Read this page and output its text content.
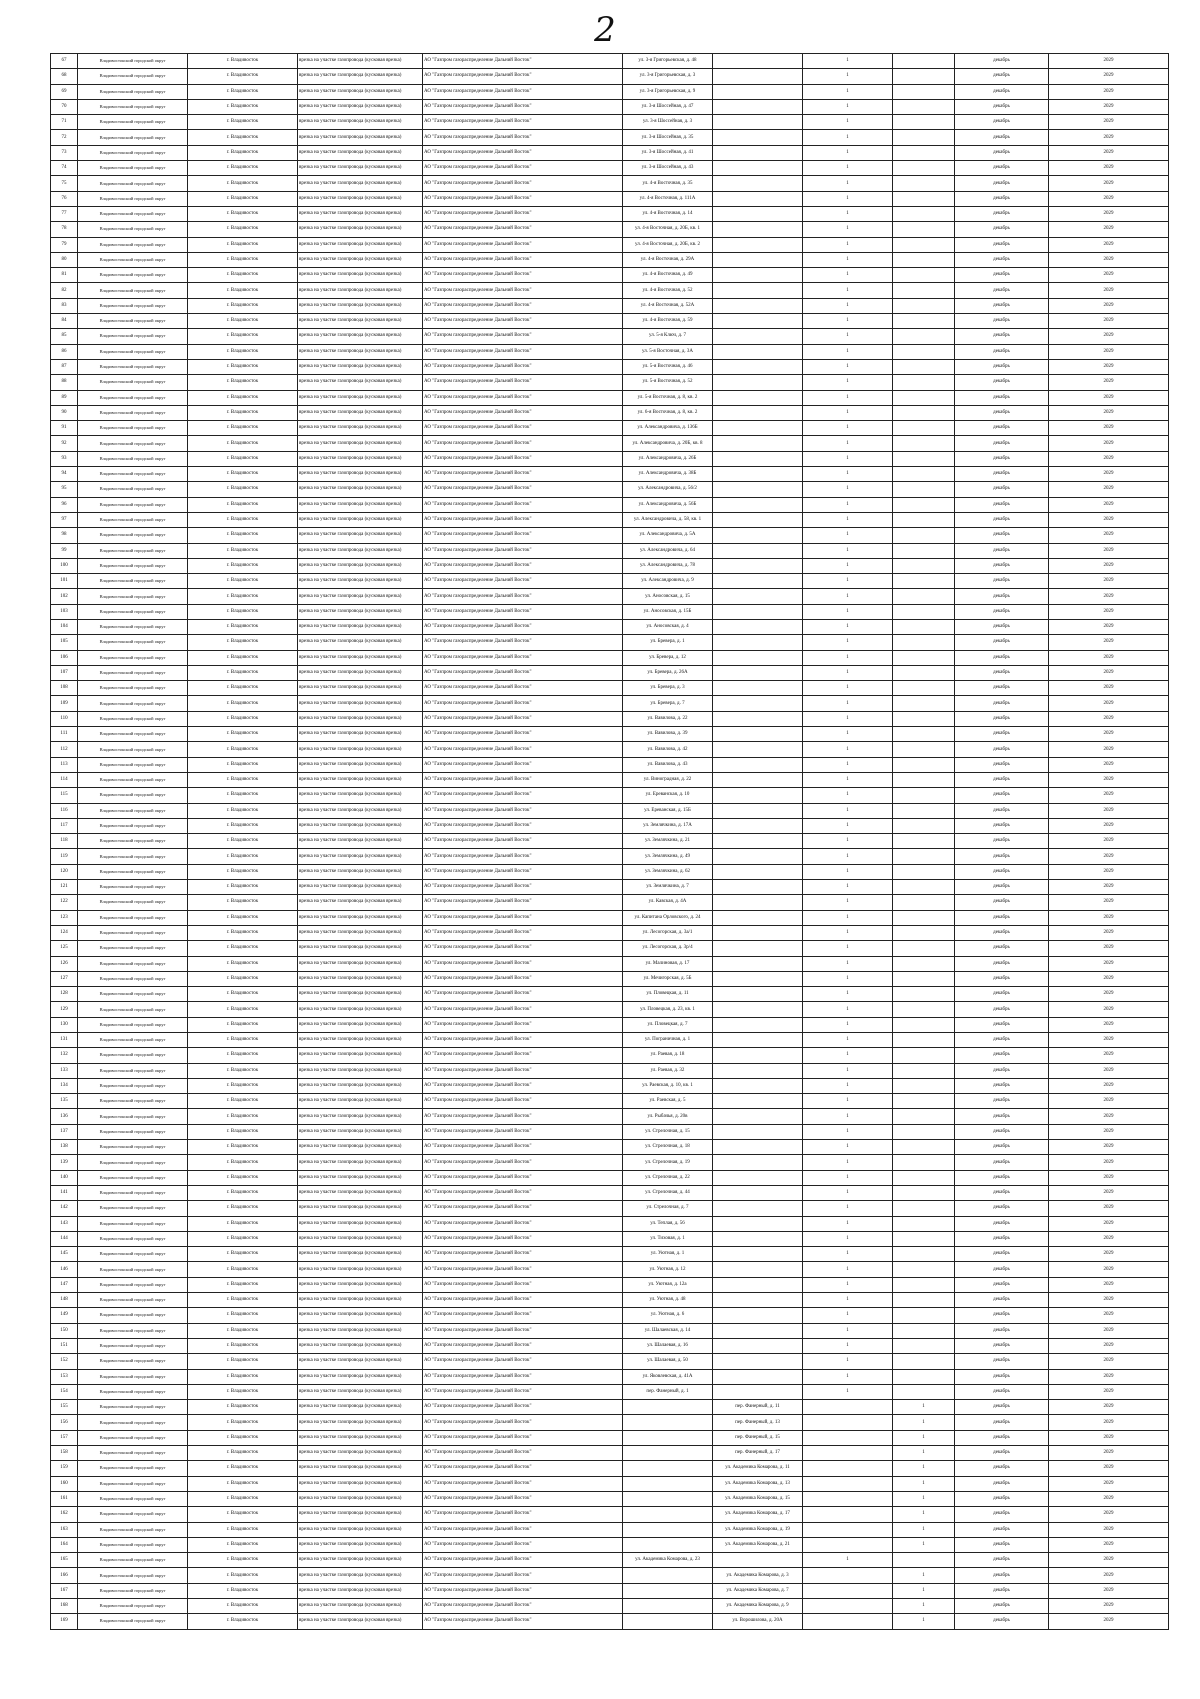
2
67	Владивостокский городской округ	г. Владивосток	врезка на участке газопровода (кусковая врезка)	АО "Газпром газораспределение Дальний Восток"	ул. 3-я Григорьевская, д. 48		1		декабрь	2029
68	Владивостокский городской округ	г. Владивосток	врезка на участке газопровода (кусковая врезка)	АО "Газпром газораспределение Дальний Восток"	ул. 3-я Григорьевская, д. 3		1		декабрь	2029
69	Владивостокский городской округ	г. Владивосток	врезка на участке газопровода (кусковая врезка)	АО "Газпром газораспределение Дальний Восток"	ул. 3-я Григорьевская, д. 9		1		декабрь	2029
70	Владивостокский городской округ	г. Владивосток	врезка на участке газопровода (кусковая врезка)	АО "Газпром газораспределение Дальний Восток"	ул. 3-я Шоссейная, д. 47		1		декабрь	2029
71	Владивостокский городской округ	г. Владивосток	врезка на участке газопровода (кусковая врезка)	АО "Газпром газораспределение Дальний Восток"	ул. 3-я Шоссейная, д. 3		1		декабрь	2029
72	Владивостокский городской округ	г. Владивосток	врезка на участке газопровода (кусковая врезка)	АО "Газпром газораспределение Дальний Восток"	ул. 3-я Шоссейная, д. 35		1		декабрь	2029
73	Владивостокский городской округ	г. Владивосток	врезка на участке газопровода (кусковая врезка)	АО "Газпром газораспределение Дальний Восток"	ул. 3-я Шоссейная, д. 41		1		декабрь	2029
74	Владивостокский городской округ	г. Владивосток	врезка на участке газопровода (кусковая врезка)	АО "Газпром газораспределение Дальний Восток"	ул. 3-я Шоссейная, д. 43		1		декабрь	2029
75	Владивостокский городской округ	г. Владивосток	врезка на участке газопровода (кусковая врезка)	АО "Газпром газораспределение Дальний Восток"	ул. 4-я Восточная, д. 35		1		декабрь	2029
76	Владивостокский городской округ	г. Владивосток	врезка на участке газопровода (кусковая врезка)	АО "Газпром газораспределение Дальний Восток"	ул. 4-я Восточная, д. 111А		1		декабрь	2029
77	Владивостокский городской округ	г. Владивосток	врезка на участке газопровода (кусковая врезка)	АО "Газпром газораспределение Дальний Восток"	ул. 4-я Восточная, д. 14		1		декабрь	2029
78	Владивостокский городской округ	г. Владивосток	врезка на участке газопровода (кусковая врезка)	АО "Газпром газораспределение Дальний Восток"	ул. 4-я Восточная, д. 20Б, кв. 1		1		декабрь	2029
79	Владивостокский городской округ	г. Владивосток	врезка на участке газопровода (кусковая врезка)	АО "Газпром газораспределение Дальний Восток"	ул. 4-я Восточная, д. 20Б, кв. 2		1		декабрь	2029
80	Владивостокский городской округ	г. Владивосток	врезка на участке газопровода (кусковая врезка)	АО "Газпром газораспределение Дальний Восток"	ул. 4-я Восточная, д. 29А		1		декабрь	2029
81	Владивостокский городской округ	г. Владивосток	врезка на участке газопровода (кусковая врезка)	АО "Газпром газораспределение Дальний Восток"	ул. 4-я Восточная, д. 49		1		декабрь	2029
82	Владивостокский городской округ	г. Владивосток	врезка на участке газопровода (кусковая врезка)	АО "Газпром газораспределение Дальний Восток"	ул. 4-я Восточная, д. 52		1		декабрь	2029
83	Владивостокский городской округ	г. Владивосток	врезка на участке газопровода (кусковая врезка)	АО "Газпром газораспределение Дальний Восток"	ул. 4-я Восточная, д. 52А		1		декабрь	2029
84	Владивостокский городской округ	г. Владивосток	врезка на участке газопровода (кусковая врезка)	АО "Газпром газораспределение Дальний Восток"	ул. 4-я Восточная, д. 59		1		декабрь	2029
85	Владивостокский городской округ	г. Владивосток	врезка на участке газопровода (кусковая врезка)	АО "Газпром газораспределение Дальний Восток"	ул. 5-я Ключ, д. 7		1		декабрь	2029
86	Владивостокский городской округ	г. Владивосток	врезка на участке газопровода (кусковая врезка)	АО "Газпром газораспределение Дальний Восток"	ул. 5-я Восточная, д. 3А		1		декабрь	2029
87	Владивостокский городской округ	г. Владивосток	врезка на участке газопровода (кусковая врезка)	АО "Газпром газораспределение Дальний Восток"	ул. 5-я Восточная, д. 46		1		декабрь	2029
88	Владивостокский городской округ	г. Владивосток	врезка на участке газопровода (кусковая врезка)	АО "Газпром газораспределение Дальний Восток"	ул. 5-я Восточная, д. 52		1		декабрь	2029
89	Владивостокский городской округ	г. Владивосток	врезка на участке газопровода (кусковая врезка)	АО "Газпром газораспределение Дальний Восток"	ул. 5-я Восточная, д. 8, кв. 2		1		декабрь	2029
90	Владивостокский городской округ	г. Владивосток	врезка на участке газопровода (кусковая врезка)	АО "Газпром газораспределение Дальний Восток"	ул. 6-я Восточная, д. 8, кв. 2		1		декабрь	2029
91	Владивостокский городской округ	г. Владивосток	врезка на участке газопровода (кусковая врезка)	АО "Газпром газораспределение Дальний Восток"	ул. Александровича, д. 136Б		1		декабрь	2029
92	Владивостокский городской округ	г. Владивосток	врезка на участке газопровода (кусковая врезка)	АО "Газпром газораспределение Дальний Восток"	ул. Александровича, д. 20Б, кв. 8		1		декабрь	2029
93	Владивостокский городской округ	г. Владивосток	врезка на участке газопровода (кусковая врезка)	АО "Газпром газораспределение Дальний Восток"	ул. Александровича, д. 26Б		1		декабрь	2029
94	Владивостокский городской округ	г. Владивосток	врезка на участке газопровода (кусковая врезка)	АО "Газпром газораспределение Дальний Восток"	ул. Александровича, д. 38Б		1		декабрь	2029
95	Владивостокский городской округ	г. Владивосток	врезка на участке газопровода (кусковая врезка)	АО "Газпром газораспределение Дальний Восток"	ул. Александровича, д. 56/2		1		декабрь	2029
96	Владивостокский городской округ	г. Владивосток	врезка на участке газопровода (кусковая врезка)	АО "Газпром газораспределение Дальний Восток"	ул. Александровича, д. 56Б		1		декабрь	2029
97	Владивостокский городской округ	г. Владивосток	врезка на участке газопровода (кусковая врезка)	АО "Газпром газораспределение Дальний Восток"	ул. Александровича, д. 58, кв. 1		1		декабрь	2029
98	Владивостокский городской округ	г. Владивосток	врезка на участке газопровода (кусковая врезка)	АО "Газпром газораспределение Дальний Восток"	ул. Александровича, д. 5А		1		декабрь	2029
99	Владивостокский городской округ	г. Владивосток	врезка на участке газопровода (кусковая врезка)	АО "Газпром газораспределение Дальний Восток"	ул. Александровича, д. 64		1		декабрь	2029
100	Владивостокский городской округ	г. Владивосток	врезка на участке газопровода (кусковая врезка)	АО "Газпром газораспределение Дальний Восток"	ул. Александровича, д. 78		1		декабрь	2029
101	Владивостокский городской округ	г. Владивосток	врезка на участке газопровода (кусковая врезка)	АО "Газпром газораспределение Дальний Восток"	ул. Александровича, д. 9		1		декабрь	2029
102	Владивостокский городской округ	г. Владивосток	врезка на участке газопровода (кусковая врезка)	АО "Газпром газораспределение Дальний Восток"	ул. Аносовская, д. 15		1		декабрь	2029
103	Владивостокский городской округ	г. Владивосток	врезка на участке газопровода (кусковая врезка)	АО "Газпром газораспределение Дальний Восток"	ул. Аносовская, д. 15Б		1		декабрь	2029
104	Владивостокский городской округ	г. Владивосток	врезка на участке газопровода (кусковая врезка)	АО "Газпром газораспределение Дальний Восток"	ул. Аносовская, д. 4		1		декабрь	2029
105	Владивостокский городской округ	г. Владивосток	врезка на участке газопровода (кусковая врезка)	АО "Газпром газораспределение Дальний Восток"	ул. Бревера, д. 1		1		декабрь	2029
106	Владивостокский городской округ	г. Владивосток	врезка на участке газопровода (кусковая врезка)	АО "Газпром газораспределение Дальний Восток"	ул. Бревера, д. 12		1		декабрь	2029
107	Владивостокский городской округ	г. Владивосток	врезка на участке газопровода (кусковая врезка)	АО "Газпром газораспределение Дальний Восток"	ул. Бревера, д. 26А		1		декабрь	2029
108	Владивостокский городской округ	г. Владивосток	врезка на участке газопровода (кусковая врезка)	АО "Газпром газораспределение Дальний Восток"	ул. Бревера, д. 3		1		декабрь	2029
109	Владивостокский городской округ	г. Владивосток	врезка на участке газопровода (кусковая врезка)	АО "Газпром газораспределение Дальний Восток"	ул. Бревера, д. 7		1		декабрь	2029
110	Владивостокский городской округ	г. Владивосток	врезка на участке газопровода (кусковая врезка)	АО "Газпром газораспределение Дальний Восток"	ул. Вавилова, д. 22		1		декабрь	2029
111	Владивостокский городской округ	г. Владивосток	врезка на участке газопровода (кусковая врезка)	АО "Газпром газораспределение Дальний Восток"	ул. Вавилова, д. 39		1		декабрь	2029
112	Владивостокский городской округ	г. Владивосток	врезка на участке газопровода (кусковая врезка)	АО "Газпром газораспределение Дальний Восток"	ул. Вавилова, д. 42		1		декабрь	2029
113	Владивостокский городской округ	г. Владивосток	врезка на участке газопровода (кусковая врезка)	АО "Газпром газораспределение Дальний Восток"	ул. Вавилова, д. 43		1		декабрь	2029
114	Владивостокский городской округ	г. Владивосток	врезка на участке газопровода (кусковая врезка)	АО "Газпром газораспределение Дальний Восток"	ул. Виноградная, д. 22		1		декабрь	2029
115	Владивостокский городской округ	г. Владивосток	врезка на участке газопровода (кусковая врезка)	АО "Газпром газораспределение Дальний Восток"	ул. Ереванская, д. 10		1		декабрь	2029
116	Владивостокский городской округ	г. Владивосток	врезка на участке газопровода (кусковая врезка)	АО "Газпром газораспределение Дальний Восток"	ул. Ереванская, д. 15Б		1		декабрь	2029
117	Владивостокский городской округ	г. Владивосток	врезка на участке газопровода (кусковая врезка)	АО "Газпром газораспределение Дальний Восток"	ул. Землячкина, д. 17А		1		декабрь	2029
118	Владивостокский городской округ	г. Владивосток	врезка на участке газопровода (кусковая врезка)	АО "Газпром газораспределение Дальний Восток"	ул. Землячкина, д. 21		1		декабрь	2029
119	Владивостокский городской округ	г. Владивосток	врезка на участке газопровода (кусковая врезка)	АО "Газпром газораспределение Дальний Восток"	ул. Землячкина, д. 49		1		декабрь	2029
120	Владивостокский городской округ	г. Владивосток	врезка на участке газопровода (кусковая врезка)	АО "Газпром газораспределение Дальний Восток"	ул. Землячкина, д. 62		1		декабрь	2029
121	Владивостокский городской округ	г. Владивосток	врезка на участке газопровода (кусковая врезка)	АО "Газпром газораспределение Дальний Восток"	ул. Землячкина, д. 7		1		декабрь	2029
122	Владивостокский городской округ	г. Владивосток	врезка на участке газопровода (кусковая врезка)	АО "Газпром газораспределение Дальний Восток"	ул. Кавская, д. 4А		1		декабрь	2029
123	Владивостокский городской округ	г. Владивосток	врезка на участке газопровода (кусковая врезка)	АО "Газпром газораспределение Дальний Восток"	ул. Капитана Орловского, д. 24		1		декабрь	2029
124	Владивостокский городской округ	г. Владивосток	врезка на участке газопровода (кусковая врезка)	АО "Газпром газораспределение Дальний Восток"	ул. Лесогорская, д. 3а/1		1		декабрь	2029
125	Владивостокский городской округ	г. Владивосток	врезка на участке газопровода (кусковая врезка)	АО "Газпром газораспределение Дальний Восток"	ул. Лесогорская, д. 3р/4		1		декабрь	2029
126	Владивостокский городской округ	г. Владивосток	врезка на участке газопровода (кусковая врезка)	АО "Газпром газораспределение Дальний Восток"	ул. Малиновая, д. 17		1		декабрь	2029
127	Владивостокский городской округ	г. Владивосток	врезка на участке газопровода (кусковая врезка)	АО "Газпром газораспределение Дальний Восток"	ул. Мечигорская, д. 5Б		1		декабрь	2029
128	Владивостокский городской округ	г. Владивосток	врезка на участке газопровода (кусковая врезка)	АО "Газпром газораспределение Дальний Восток"	ул. Пловецкая, д. 11		1		декабрь	2029
129	Владивостокский городской округ	г. Владивосток	врезка на участке газопровода (кусковая врезка)	АО "Газпром газораспределение Дальний Восток"	ул. Пловецкая, д. 23, кв. 1		1		декабрь	2029
130	Владивостокский городской округ	г. Владивосток	врезка на участке газопровода (кусковая врезка)	АО "Газпром газораспределение Дальний Восток"	ул. Пловецкая, д. 7		1		декабрь	2029
131	Владивостокский городской округ	г. Владивосток	врезка на участке газопровода (кусковая врезка)	АО "Газпром газораспределение Дальний Восток"	ул. Пограничная, д. 1		1		декабрь	2029
132	Владивостокский городской округ	г. Владивосток	врезка на участке газопровода (кусковая врезка)	АО "Газпром газораспределение Дальний Восток"	ул. Раевая, д. 18		1		декабрь	2029
133	Владивостокский городской округ	г. Владивосток	врезка на участке газопровода (кусковая врезка)	АО "Газпром газораспределение Дальний Восток"	ул. Раевая, д. 32		1		декабрь	2029
134	Владивостокский городской округ	г. Владивосток	врезка на участке газопровода (кусковая врезка)	АО "Газпром газораспределение Дальний Восток"	ул. Раевская, д. 10, кв. 1		1		декабрь	2029
135	Владивостокский городской округ	г. Владивосток	врезка на участке газопровода (кусковая врезка)	АО "Газпром газораспределение Дальний Восток"	ул. Раевская, д. 5		1		декабрь	2029
136	Владивостокский городской округ	г. Владивосток	врезка на участке газопровода (кусковая врезка)	АО "Газпром газораспределение Дальний Восток"	ул. Рыбачья, д. 20в		1		декабрь	2029
137	Владивостокский городской округ	г. Владивосток	врезка на участке газопровода (кусковая врезка)	АО "Газпром газораспределение Дальний Восток"	ул. Стрелочная, д. 15		1		декабрь	2029
138	Владивостокский городской округ	г. Владивосток	врезка на участке газопровода (кусковая врезка)	АО "Газпром газораспределение Дальний Восток"	ул. Стрелочная, д. 18		1		декабрь	2029
139	Владивостокский городской округ	г. Владивосток	врезка на участке газопровода (кусковая врезка)	АО "Газпром газораспределение Дальний Восток"	ул. Стрелочная, д. 19		1		декабрь	2029
140	Владивостокский городской округ	г. Владивосток	врезка на участке газопровода (кусковая врезка)	АО "Газпром газораспределение Дальний Восток"	ул. Стрелочная, д. 22		1		декабрь	2029
141	Владивостокский городской округ	г. Владивосток	врезка на участке газопровода (кусковая врезка)	АО "Газпром газораспределение Дальний Восток"	ул. Стрелочная, д. 44		1		декабрь	2029
142	Владивостокский городской округ	г. Владивосток	врезка на участке газопровода (кусковая врезка)	АО "Газпром газораспределение Дальний Восток"	ул. Стрелочная, д. 7		1		декабрь	2029
143	Владивостокский городской округ	г. Владивосток	врезка на участке газопровода (кусковая врезка)	АО "Газпром газораспределение Дальний Восток"	ул. Теплая, д. 56		1		декабрь	2029
144	Владивостокский городской округ	г. Владивосток	врезка на участке газопровода (кусковая врезка)	АО "Газпром газораспределение Дальний Восток"	ул. Тиховая, д. 1		1		декабрь	2029
145	Владивостокский городской округ	г. Владивосток	врезка на участке газопровода (кусковая врезка)	АО "Газпром газораспределение Дальний Восток"	ул. Уютная, д. 1		1		декабрь	2029
146	Владивостокский городской округ	г. Владивосток	врезка на участке газопровода (кусковая врезка)	АО "Газпром газораспределение Дальний Восток"	ул. Уютная, д. 12		1		декабрь	2029
147	Владивостокский городской округ	г. Владивосток	врезка на участке газопровода (кусковая врезка)	АО "Газпром газораспределение Дальний Восток"	ул. Уютная, д. 12а		1		декабрь	2029
148	Владивостокский городской округ	г. Владивосток	врезка на участке газопровода (кусковая врезка)	АО "Газпром газораспределение Дальний Восток"	ул. Уютная, д. 48		1		декабрь	2029
149	Владивостокский городской округ	г. Владивосток	врезка на участке газопровода (кусковая врезка)	АО "Газпром газораспределение Дальний Восток"	ул. Уютная, д. 6		1		декабрь	2029
150	Владивостокский городской округ	г. Владивосток	врезка на участке газопровода (кусковая врезка)	АО "Газпром газораспределение Дальний Восток"	ул. Шалаевская, д. 14		1		декабрь	2029
151	Владивостокский городской округ	г. Владивосток	врезка на участке газопровода (кусковая врезка)	АО "Газпром газораспределение Дальний Восток"	ул. Шалаевая, д. 16		1		декабрь	2029
152	Владивостокский городской округ	г. Владивосток	врезка на участке газопровода (кусковая врезка)	АО "Газпром газораспределение Дальний Восток"	ул. Шалаевая, д. 50		1		декабрь	2029
153	Владивостокский городской округ	г. Владивосток	врезка на участке газопровода (кусковая врезка)	АО "Газпром газораспределение Дальний Восток"	ул. Яковлевская, д. 41А		1		декабрь	2029
154	Владивостокский городской округ	г. Владивосток	врезка на участке газопровода (кусковая врезка)	АО "Газпром газораспределение Дальний Восток"	пер. Фанерный, д. 1		1		декабрь	2029
155	Владивостокский городской округ	г. Владивосток	врезка на участке газопровода (кусковая врезка)	АО "Газпром газораспределение Дальний Восток"		пер. Фанерный, д. 11		1	декабрь	2029
156	Владивостокский городской округ	г. Владивосток	врезка на участке газопровода (кусковая врезка)	АО "Газпром газораспределение Дальний Восток"		пер. Фанерный, д. 13		1	декабрь	2029
157	Владивостокский городской округ	г. Владивосток	врезка на участке газопровода (кусковая врезка)	АО "Газпром газораспределение Дальний Восток"		пер. Фанерный, д. 15		1	декабрь	2029
158	Владивостокский городской округ	г. Владивосток	врезка на участке газопровода (кусковая врезка)	АО "Газпром газораспределение Дальний Восток"		пер. Фанерный, д. 17		1	декабрь	2029
159	Владивостокский городской округ	г. Владивосток	врезка на участке газопровода (кусковая врезка)	АО "Газпром газораспределение Дальний Восток"		ул. Академика Комарова, д. 11		1	декабрь	2029
160	Владивостокский городской округ	г. Владивосток	врезка на участке газопровода (кусковая врезка)	АО "Газпром газораспределение Дальний Восток"		ул. Академика Комарова, д. 13		1	декабрь	2029
161	Владивостокский городской округ	г. Владивосток	врезка на участке газопровода (кусковая врезка)	АО "Газпром газораспределение Дальний Восток"		ул. Академика Комарова, д. 15		1	декабрь	2029
162	Владивостокский городской округ	г. Владивосток	врезка на участке газопровода (кусковая врезка)	АО "Газпром газораспределение Дальний Восток"		ул. Академика Комарова, д. 17		1	декабрь	2029
163	Владивостокский городской округ	г. Владивосток	врезка на участке газопровода (кусковая врезка)	АО "Газпром газораспределение Дальний Восток"		ул. Академика Комарова, д. 19		1	декабрь	2029
164	Владивостокский городской округ	г. Владивосток	врезка на участке газопровода (кусковая врезка)	АО "Газпром газораспределение Дальний Восток"		ул. Академика Комарова, д. 21		1	декабрь	2029
165	Владивостокский городской округ	г. Владивосток	врезка на участке газопровода (кусковая врезка)	АО "Газпром газораспределение Дальний Восток"	ул. Академика Комарова, д. 23		1		декабрь	2029
166	Владивостокский городской округ	г. Владивосток	врезка на участке газопровода (кусковая врезка)	АО "Газпром газораспределение Дальний Восток"		ул. Академика Комарова, д. 3		1	декабрь	2029
167	Владивостокский городской округ	г. Владивосток	врезка на участке газопровода (кусковая врезка)	АО "Газпром газораспределение Дальний Восток"		ул. Академика Комарова, д. 7		1	декабрь	2029
168	Владивостокский городской округ	г. Владивосток	врезка на участке газопровода (кусковая врезка)	АО "Газпром газораспределение Дальний Восток"		ул. Академика Комарова, д. 9		1	декабрь	2029
169	Владивостокский городской округ	г. Владивосток	врезка на участке газопровода (кусковая врезка)	АО "Газпром газораспределение Дальний Восток"		ул. Ворошилова, д. 20А		1	декабрь	2029
